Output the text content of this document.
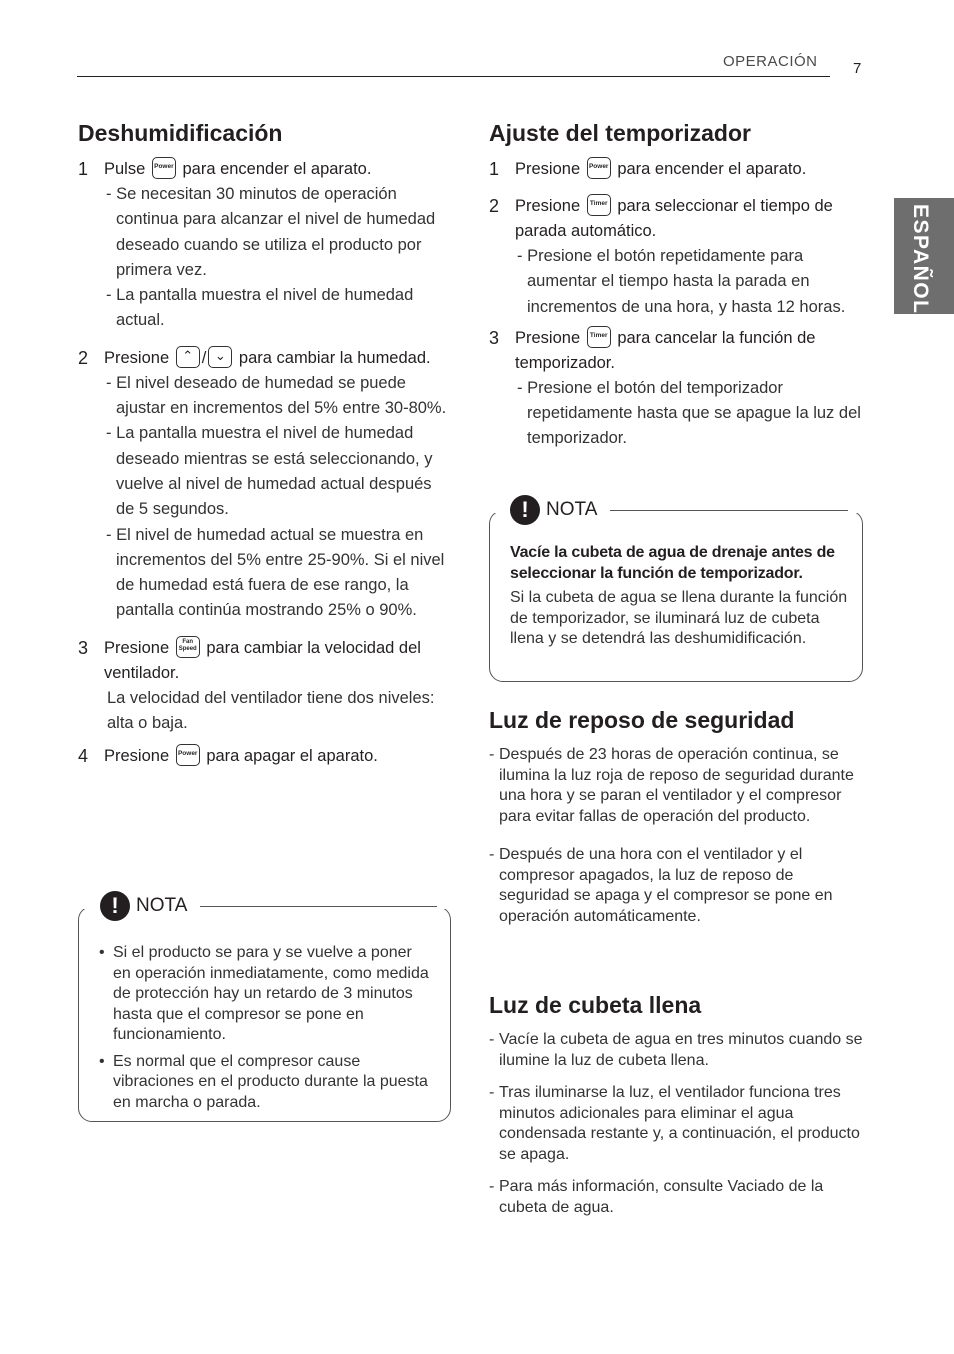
OPERACIÓN 7
ESPAÑOL
Deshumidificación
1 Pulse Power para encender el aparato.

- Se necesitan 30 minutos de operación continua para alcanzar el nivel de humedad deseado cuando se utiliza el producto por primera vez.

- La pantalla muestra el nivel de humedad actual.

2 Presione	⌃ / ⌄ para cambiar la humedad.

- El nivel deseado de humedad se puede ajustar en incrementos del 5% entre 30-80%.

- La pantalla muestra el nivel de humedad deseado mientras se está seleccionando, y vuelve al nivel de humedad actual después de 5 segundos.

- El nivel de humedad actual se muestra en incrementos del 5% entre 25-90%. Si el nivel de humedad está fuera de ese rango, la pantalla continúa mostrando 25% o 90%.

3 Presione	Fan
Speed para cambiar la velocidad del ventilador.

La velocidad del ventilador tiene dos niveles: alta o baja.

4 Presione Power para apagar el aparato.

• Si el producto se para y se vuelve a poner en operación inmediatamente, como medida de protección hay un retardo de 3 minutos hasta que el compresor se pone en funcionamiento.

• Es normal que el compresor cause vibraciones en el producto durante la puesta en marcha o parada.

! NOTA
Ajuste del temporizador
1 Presione Power para encender el aparato.
2 Presione	Timer para seleccionar el tiempo de parada automático.

- Presione el botón repetidamente para aumentar el tiempo hasta la parada en incrementos de una hora, y hasta 12 horas.

3 Presione	Timer para cancelar la función de temporizador.

- Presione el botón del temporizador repetidamente hasta que se apague la luz del temporizador.

Vacíe la cubeta de agua de drenaje antes de seleccionar la función de temporizador.

Si la cubeta de agua se llena durante la función de temporizador, se iluminará luz de cubeta llena y se detendrá las deshumidificación.

! NOTA
Luz de reposo de seguridad

- Después de 23 horas de operación continua, se ilumina la luz roja de reposo de seguridad durante una hora y se paran el ventilador y el compresor para evitar fallas de operación del producto.

- Después de una hora con el ventilador y el compresor apagados, la luz de reposo de seguridad se apaga y el compresor se pone en operación automáticamente.

Luz de cubeta llena

- Vacíe la cubeta de agua en tres minutos cuando se ilumine la luz de cubeta llena.

- Tras iluminarse la luz, el ventilador funciona tres minutos adicionales para eliminar el agua condensada restante y, a continuación, el producto se apaga.

- Para más información, consulte Vaciado de la cubeta de agua.
